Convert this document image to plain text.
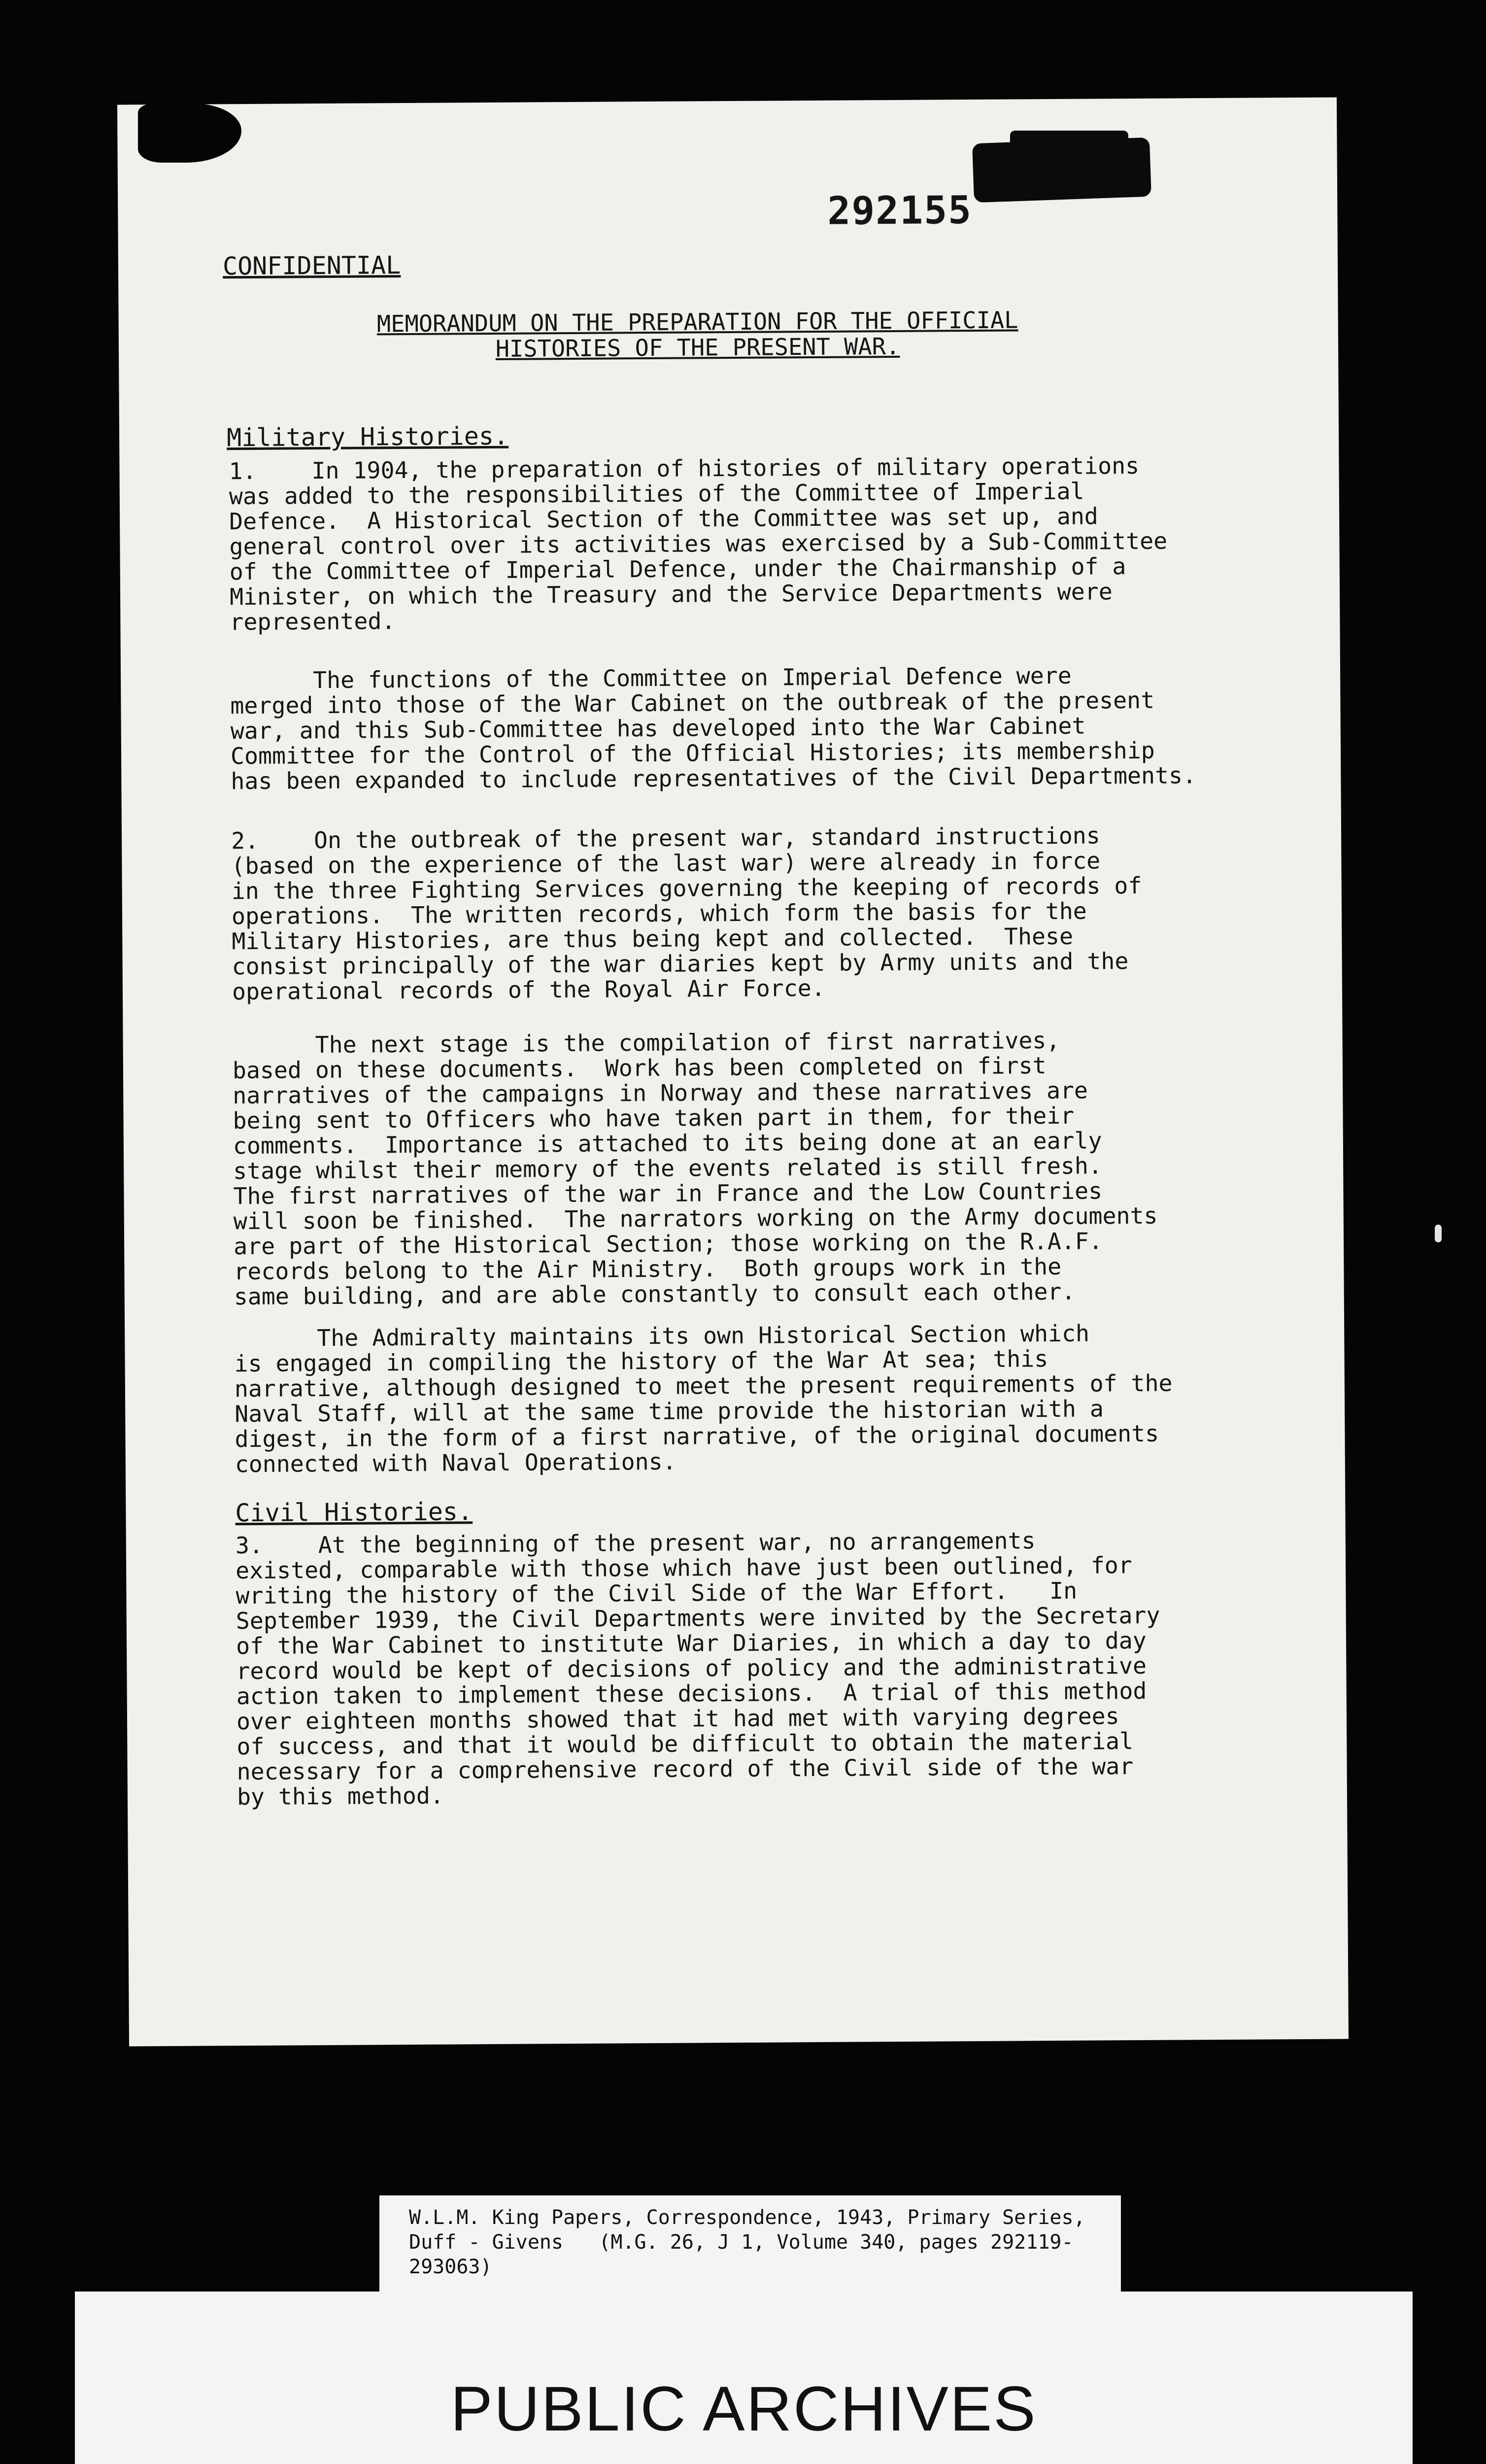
292155
CONFIDENTIAL
MEMORANDUM ON THE PREPARATION FOR THE OFFICIAL
HISTORIES OF THE PRESENT WAR.
Military Histories.
1.    In 1904, the preparation of histories of military operations
was added to the responsibilities of the Committee of Imperial
Defence.  A Historical Section of the Committee was set up, and
general control over its activities was exercised by a Sub-Committee
of the Committee of Imperial Defence, under the Chairmanship of a
Minister, on which the Treasury and the Service Departments were
represented.
The functions of the Committee on Imperial Defence were
merged into those of the War Cabinet on the outbreak of the present
war, and this Sub-Committee has developed into the War Cabinet
Committee for the Control of the Official Histories; its membership
has been expanded to include representatives of the Civil Departments.
2.    On the outbreak of the present war, standard instructions
(based on the experience of the last war) were already in force
in the three Fighting Services governing the keeping of records of
operations.  The written records, which form the basis for the
Military Histories, are thus being kept and collected.  These
consist principally of the war diaries kept by Army units and the
operational records of the Royal Air Force.
The next stage is the compilation of first narratives,
based on these documents.  Work has been completed on first
narratives of the campaigns in Norway and these narratives are
being sent to Officers who have taken part in them, for their
comments.  Importance is attached to its being done at an early
stage whilst their memory of the events related is still fresh.
The first narratives of the war in France and the Low Countries
will soon be finished.  The narrators working on the Army documents
are part of the Historical Section; those working on the R.A.F.
records belong to the Air Ministry.  Both groups work in the
same building, and are able constantly to consult each other.
The Admiralty maintains its own Historical Section which
is engaged in compiling the history of the War At sea; this
narrative, although designed to meet the present requirements of the
Naval Staff, will at the same time provide the historian with a
digest, in the form of a first narrative, of the original documents
connected with Naval Operations.
Civil Histories.
3.    At the beginning of the present war, no arrangements
existed, comparable with those which have just been outlined, for
writing the history of the Civil Side of the War Effort.   In
September 1939, the Civil Departments were invited by the Secretary
of the War Cabinet to institute War Diaries, in which a day to day
record would be kept of decisions of policy and the administrative
action taken to implement these decisions.  A trial of this method
over eighteen months showed that it had met with varying degrees
of success, and that it would be difficult to obtain the material
necessary for a comprehensive record of the Civil side of the war
by this method.
W.L.M. King Papers, Correspondence, 1943, Primary Series,
Duff - Givens   (M.G. 26, J 1, Volume 340, pages 292119-
293063)
PUBLIC ARCHIVES
